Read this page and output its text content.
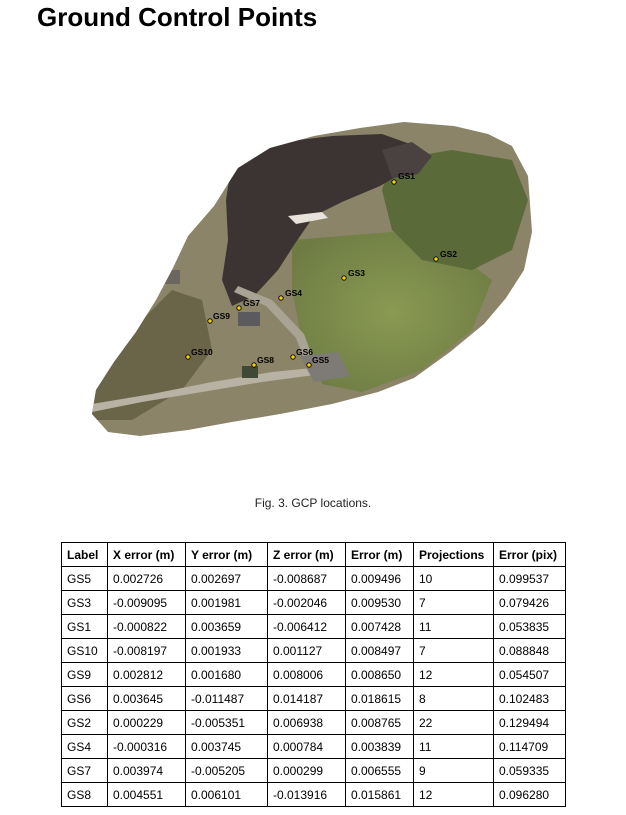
Ground Control Points
GS1
GS2
GS3
GS4
GS7
GS9
GS10
GS8
GS6
GS5
Fig. 3. GCP locations.
Label	X error (m)	Y error (m)	Z error (m)	Error (m)	Projections	Error (pix)
GS5	0.002726	0.002697	-0.008687	0.009496	10	0.099537
GS3	-0.009095	0.001981	-0.002046	0.009530	7	0.079426
GS1	-0.000822	0.003659	-0.006412	0.007428	11	0.053835
GS10	-0.008197	0.001933	0.001127	0.008497	7	0.088848
GS9	0.002812	0.001680	0.008006	0.008650	12	0.054507
GS6	0.003645	-0.011487	0.014187	0.018615	8	0.102483
GS2	0.000229	-0.005351	0.006938	0.008765	22	0.129494
GS4	-0.000316	0.003745	0.000784	0.003839	11	0.114709
GS7	0.003974	-0.005205	0.000299	0.006555	9	0.059335
GS8	0.004551	0.006101	-0.013916	0.015861	12	0.096280
